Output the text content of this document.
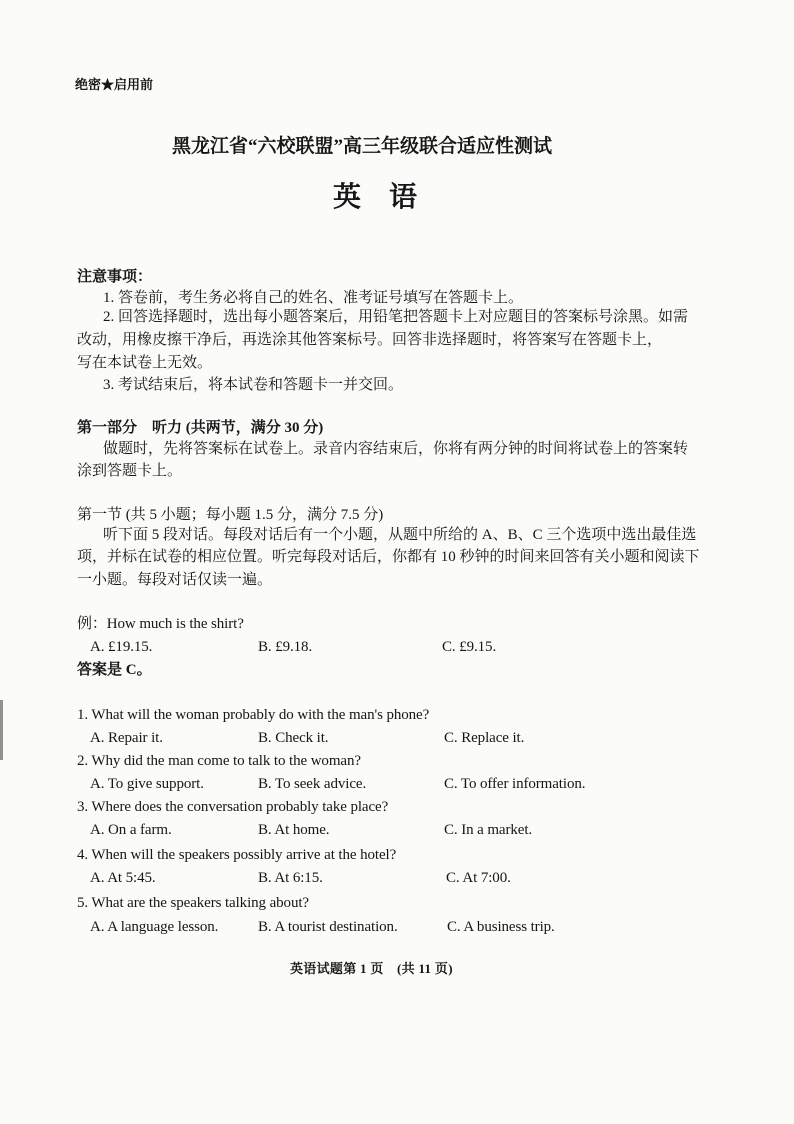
绝密★启用前
黑龙江省“六校联盟”高三年级联合适应性测试
英　语
注意事项：
1. 答卷前，考生务必将自己的姓名、准考证号填写在答题卡上。
2. 回答选择题时，选出每小题答案后，用铅笔把答题卡上对应题目的答案标号涂黑。如需
改动，用橡皮擦干净后，再选涂其他答案标号。回答非选择题时，将答案写在答题卡上，
写在本试卷上无效。
3. 考试结束后，将本试卷和答题卡一并交回。
第一部分　听力 (共两节，满分 30 分)
做题时，先将答案标在试卷上。录音内容结束后，你将有两分钟的时间将试卷上的答案转
涂到答题卡上。
第一节 (共 5 小题；每小题 1.5 分，满分 7.5 分)
听下面 5 段对话。每段对话后有一个小题，从题中所给的 A、B、C 三个选项中选出最佳选
项，并标在试卷的相应位置。听完每段对话后，你都有 10 秒钟的时间来回答有关小题和阅读下
一小题。每段对话仅读一遍。
例：How much is the shirt?
A. £19.15.	B. £9.18.	C. £9.15.
答案是 C。
1. What will the woman probably do with the man's phone?
A. Repair it.	B. Check it.	C. Replace it.
2. Why did the man come to talk to the woman?
A. To give support.	B. To seek advice.	C. To offer information.
3. Where does the conversation probably take place?
A. On a farm.	B. At home.	C. In a market.
4. When will the speakers possibly arrive at the hotel?
A. At 5:45.	B. At 6:15.	C. At 7:00.
5. What are the speakers talking about?
A. A language lesson.	B. A tourist destination.	C. A business trip.
英语试题第 1 页　(共 11 页)
